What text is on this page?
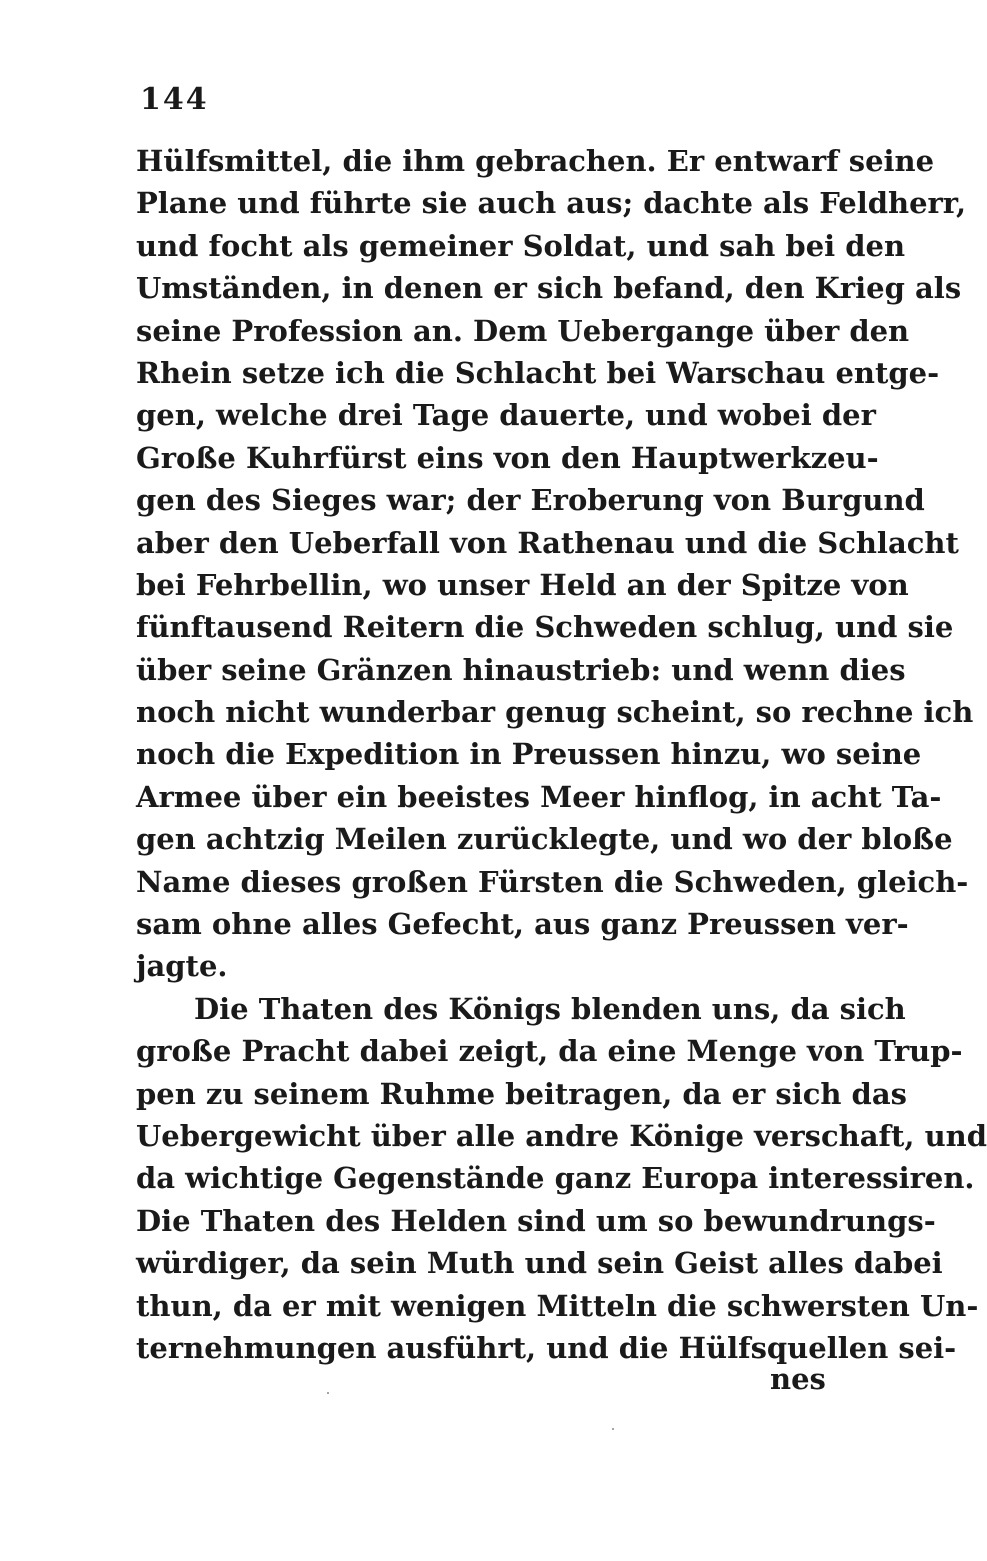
144
Hülfsmittel, die ihm gebrachen. Er entwarf seine
Plane und führte sie auch aus; dachte als Feldherr,
und focht als gemeiner Soldat, und sah bei den
Umständen, in denen er sich befand, den Krieg als
seine Profession an. Dem Uebergange über den
Rhein setze ich die Schlacht bei Warschau entge-
gen, welche drei Tage dauerte, und wobei der
Große Kuhrfürst eins von den Hauptwerkzeu-
gen des Sieges war; der Eroberung von Burgund
aber den Ueberfall von Rathenau und die Schlacht
bei Fehrbellin, wo unser Held an der Spitze von
fünftausend Reitern die Schweden schlug, und sie
über seine Gränzen hinaustrieb: und wenn dies
noch nicht wunderbar genug scheint, so rechne ich
noch die Expedition in Preussen hinzu, wo seine
Armee über ein beeistes Meer hinflog, in acht Ta-
gen achtzig Meilen zurücklegte, und wo der bloße
Name dieses großen Fürsten die Schweden, gleich-
sam ohne alles Gefecht, aus ganz Preussen ver-
jagte.
Die Thaten des Königs blenden uns, da sich
große Pracht dabei zeigt, da eine Menge von Trup-
pen zu seinem Ruhme beitragen, da er sich das
Uebergewicht über alle andre Könige verschaft, und
da wichtige Gegenstände ganz Europa interessiren.
Die Thaten des Helden sind um so bewundrungs-
würdiger, da sein Muth und sein Geist alles dabei
thun, da er mit wenigen Mitteln die schwersten Un-
ternehmungen ausführt, und die Hülfsquellen sei-
nes
